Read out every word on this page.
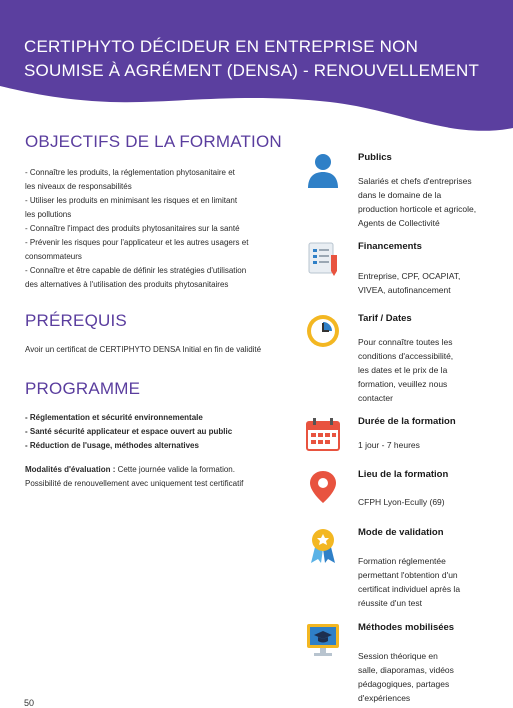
CERTIPHYTO DÉCIDEUR EN ENTREPRISE NON SOUMISE À AGRÉMENT (DENSA) - RENOUVELLEMENT
OBJECTIFS DE LA FORMATION
- Connaître les produits, la réglementation phytosanitaire et
les niveaux de responsabilités
- Utiliser les produits en minimisant les risques et en limitant
les pollutions
- Connaître l'impact des produits phytosanitaires sur la santé
- Prévenir les risques pour l'applicateur et les autres usagers et
consommateurs
- Connaître et être capable de définir les stratégies d'utilisation
des alternatives à l'utilisation des produits phytosanitaires
PRÉREQUIS
Avoir un certificat de CERTIPHYTO DENSA Initial en fin de validité
PROGRAMME
- Réglementation et sécurité environnementale
- Santé sécurité applicateur et espace ouvert au public
- Réduction de l'usage, méthodes alternatives
Modalités d'évaluation : Cette journée valide la formation.
Possibilité de renouvellement avec uniquement test certificatif
Publics
Salariés et chefs d'entreprises
dans le domaine de la
production horticole et agricole,
Agents de Collectivité
Financements
Entreprise, CPF, OCAPIAT,
VIVEA, autofinancement
Tarif / Dates
Pour connaître toutes les
conditions d'accessibilité,
les dates et le prix de la
formation, veuillez nous
contacter
Durée de la formation
1 jour - 7 heures
Lieu de la formation
CFPH Lyon-Ecully (69)
Mode de validation
Formation réglementée
permettant l'obtention d'un
certificat individuel après la
réussite d'un test
Méthodes mobilisées
Session théorique en
salle, diaporamas, vidéos
pédagogiques, partages
d'expériences
50
